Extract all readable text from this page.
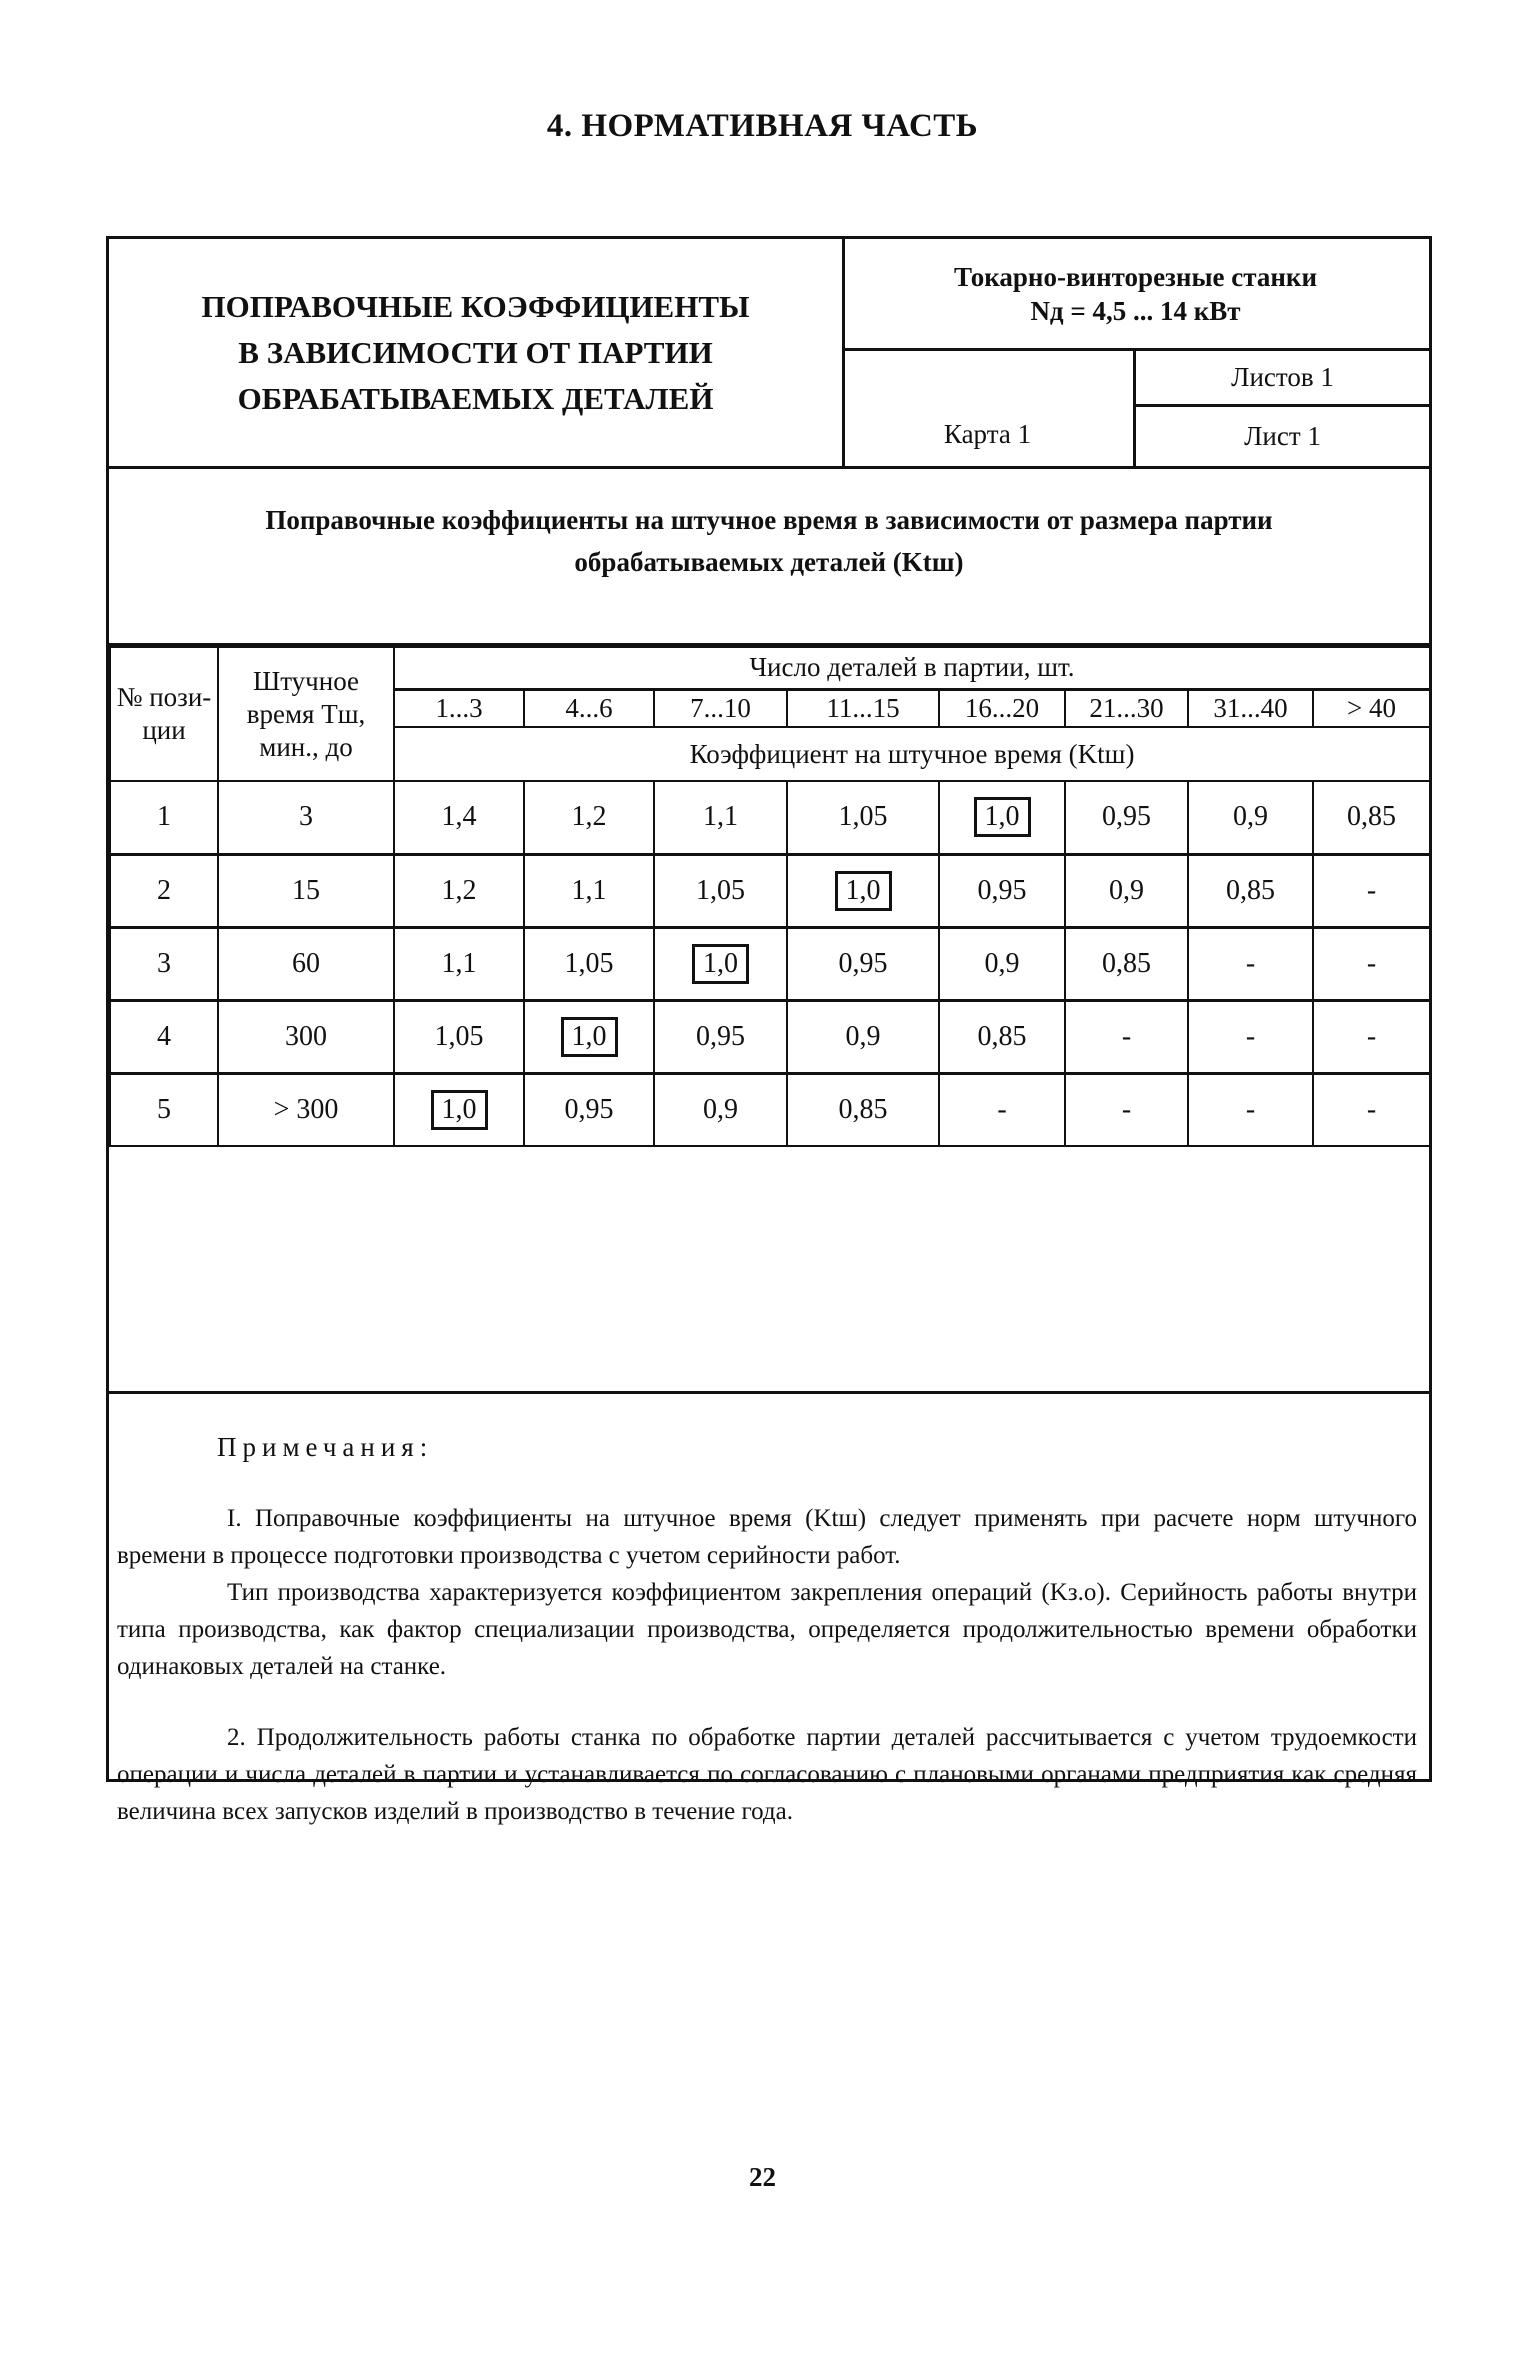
4. НОРМАТИВНАЯ ЧАСТЬ
ПОПРАВОЧНЫЕ КОЭФФИЦИЕНТЫ
В ЗАВИСИМОСТИ ОТ ПАРТИИ
ОБРАБАТЫВАЕМЫХ ДЕТАЛЕЙ
Токарно-винторезные станки
Nд = 4,5 ... 14 кВт
Карта 1
Листов 1
Лист 1
Поправочные коэффициенты на штучное время в зависимости от размера партии
обрабатываемых деталей (Ktш)
№ пози- ции	Штучное время Tш, мин., до	Число деталей в партии, шт.							
		1...3	4...6	7...10	11...15	16...20	21...30	31...40	> 40
		Коэффициент на штучное время (Ktш)							
1	3	1,4	1,2	1,1	1,05	1,0	0,95	0,9	0,85
2	15	1,2	1,1	1,05	1,0	0,95	0,9	0,85	-
3	60	1,1	1,05	1,0	0,95	0,9	0,85	-	-
4	300	1,05	1,0	0,95	0,9	0,85	-	-	-
5	> 300	1,0	0,95	0,9	0,85	-	-	-	-
Примечания:

I. Поправочные коэффициенты на штучное время (Ktш) следует применять при расчете норм штучного времени в процессе подготовки производства с учетом серийности работ.

Тип производства характеризуется коэффициентом закрепления операций (Kз.о). Серийность работы внутри типа производства, как фактор специализации производства, определяется продолжительностью времени обработки одинаковых деталей на станке.

2. Продолжительность работы станка по обработке партии деталей рассчитывается с учетом трудоемкости операции и числа деталей в партии и устанавливается по согласованию с плановыми органами предприятия как средняя величина всех запусков изделий в производство в течение года.

22
